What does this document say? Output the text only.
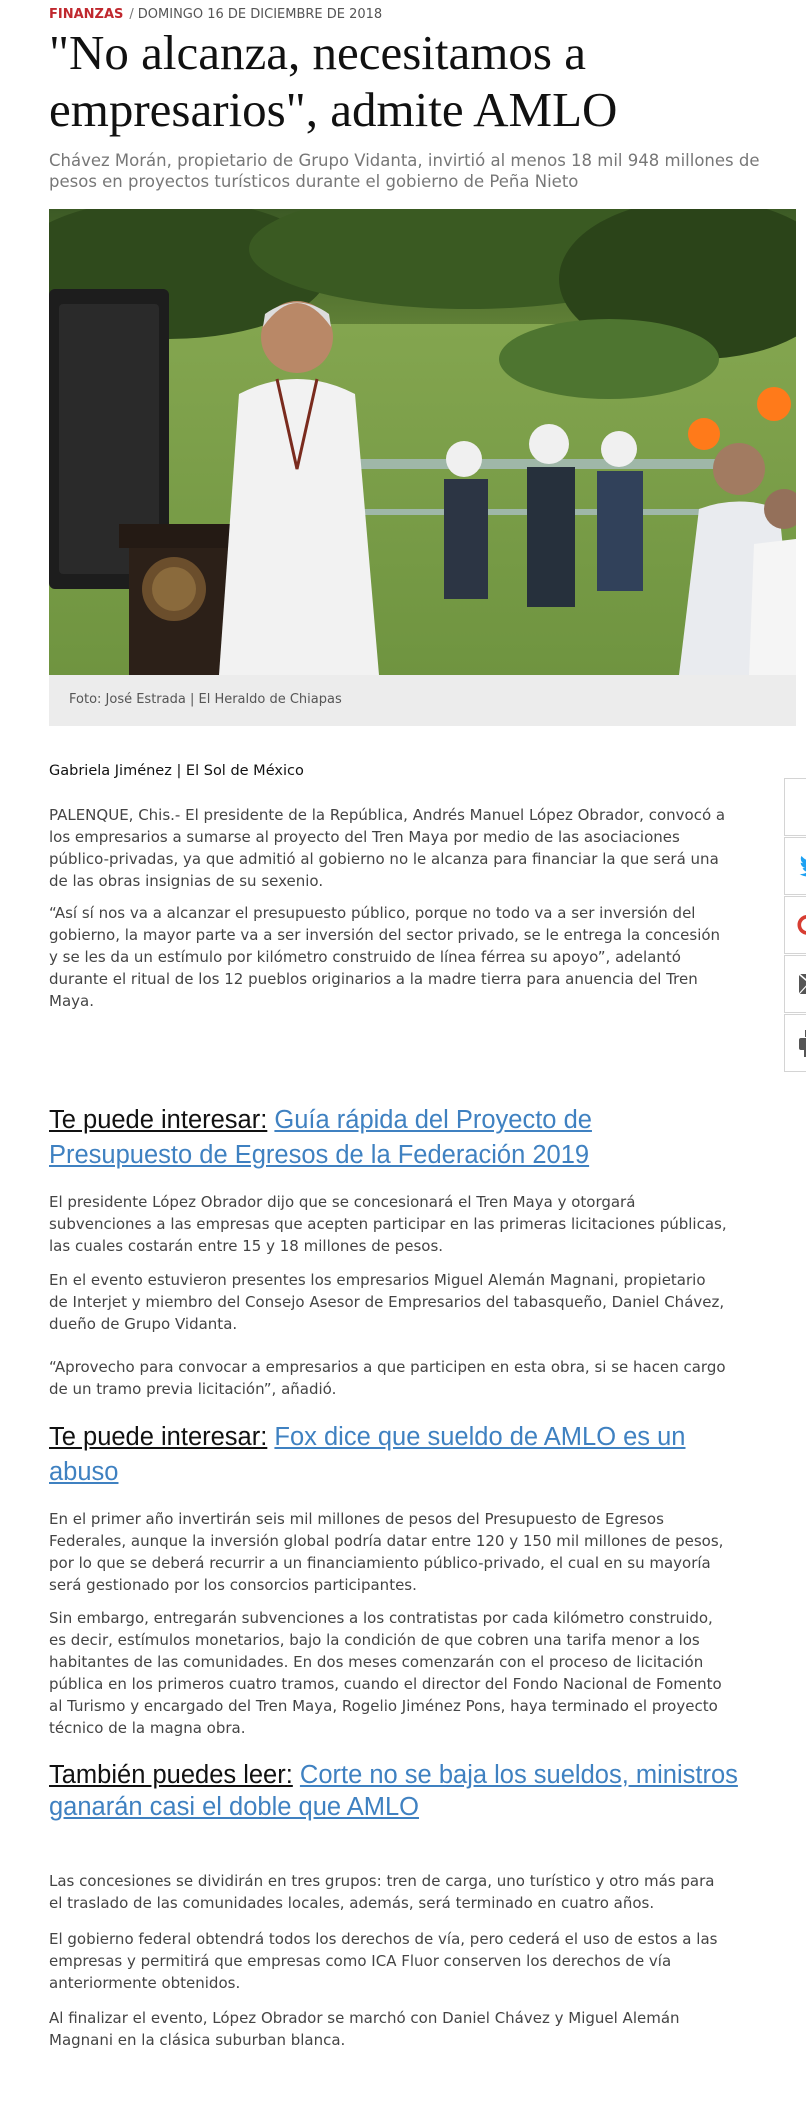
FINANZAS / DOMINGO 16 DE DICIEMBRE DE 2018
"No alcanza, necesitamos a empresarios", admite AMLO

Chávez Morán, propietario de Grupo Vidanta, invirtió al menos 18 mil 948 millones de pesos en proyectos turísticos durante el gobierno de Peña Nieto

Foto: José Estrada | El Heraldo de Chiapas
Gabriela Jiménez | El Sol de México

PALENQUE, Chis.- El presidente de la República, Andrés Manuel López Obrador, convocó a los empresarios a sumarse al proyecto del Tren Maya por medio de las asociaciones público-privadas, ya que admitió al gobierno no le alcanza para financiar la que será una de las obras insignias de su sexenio.

“Así sí nos va a alcanzar el presupuesto público, porque no todo va a ser inversión del gobierno, la mayor parte va a ser inversión del sector privado, se le entrega la concesión y se les da un estímulo por kilómetro construido de línea férrea su apoyo”, adelantó durante el ritual de los 12 pueblos originarios a la madre tierra para anuencia del Tren Maya.

Te puede interesar: Guía rápida del Proyecto de Presupuesto de Egresos de la Federación 2019

El presidente López Obrador dijo que se concesionará el Tren Maya y otorgará subvenciones a las empresas que acepten participar en las primeras licitaciones públicas, las cuales costarán entre 15 y 18 millones de pesos.

En el evento estuvieron presentes los empresarios Miguel Alemán Magnani, propietario de Interjet y miembro del Consejo Asesor de Empresarios del tabasqueño, Daniel Chávez, dueño de Grupo Vidanta.

“Aprovecho para convocar a empresarios a que participen en esta obra, si se hacen cargo de un tramo previa licitación”, añadió.

Te puede interesar: Fox dice que sueldo de AMLO es un abuso

En el primer año invertirán seis mil millones de pesos del Presupuesto de Egresos Federales, aunque la inversión global podría datar entre 120 y 150 mil millones de pesos, por lo que se deberá recurrir a un financiamiento público-privado, el cual en su mayoría será gestionado por los consorcios participantes.

Sin embargo, entregarán subvenciones a los contratistas por cada kilómetro construido, es decir, estímulos monetarios, bajo la condición de que cobren una tarifa menor a los habitantes de las comunidades. En dos meses comenzarán con el proceso de licitación pública en los primeros cuatro tramos, cuando el director del Fondo Nacional de Fomento al Turismo y encargado del Tren Maya, Rogelio Jiménez Pons, haya terminado el proyecto técnico de la magna obra.

También puedes leer: Corte no se baja los sueldos, ministros ganarán casi el doble que AMLO

Las concesiones se dividirán en tres grupos: tren de carga, uno turístico y otro más para el traslado de las comunidades locales, además, será terminado en cuatro años.

El gobierno federal obtendrá todos los derechos de vía, pero cederá el uso de estos a las empresas y permitirá que empresas como ICA Fluor conserven los derechos de vía anteriormente obtenidos.

Al finalizar el evento, López Obrador se marchó con Daniel Chávez y Miguel Alemán Magnani en la clásica suburban blanca.
